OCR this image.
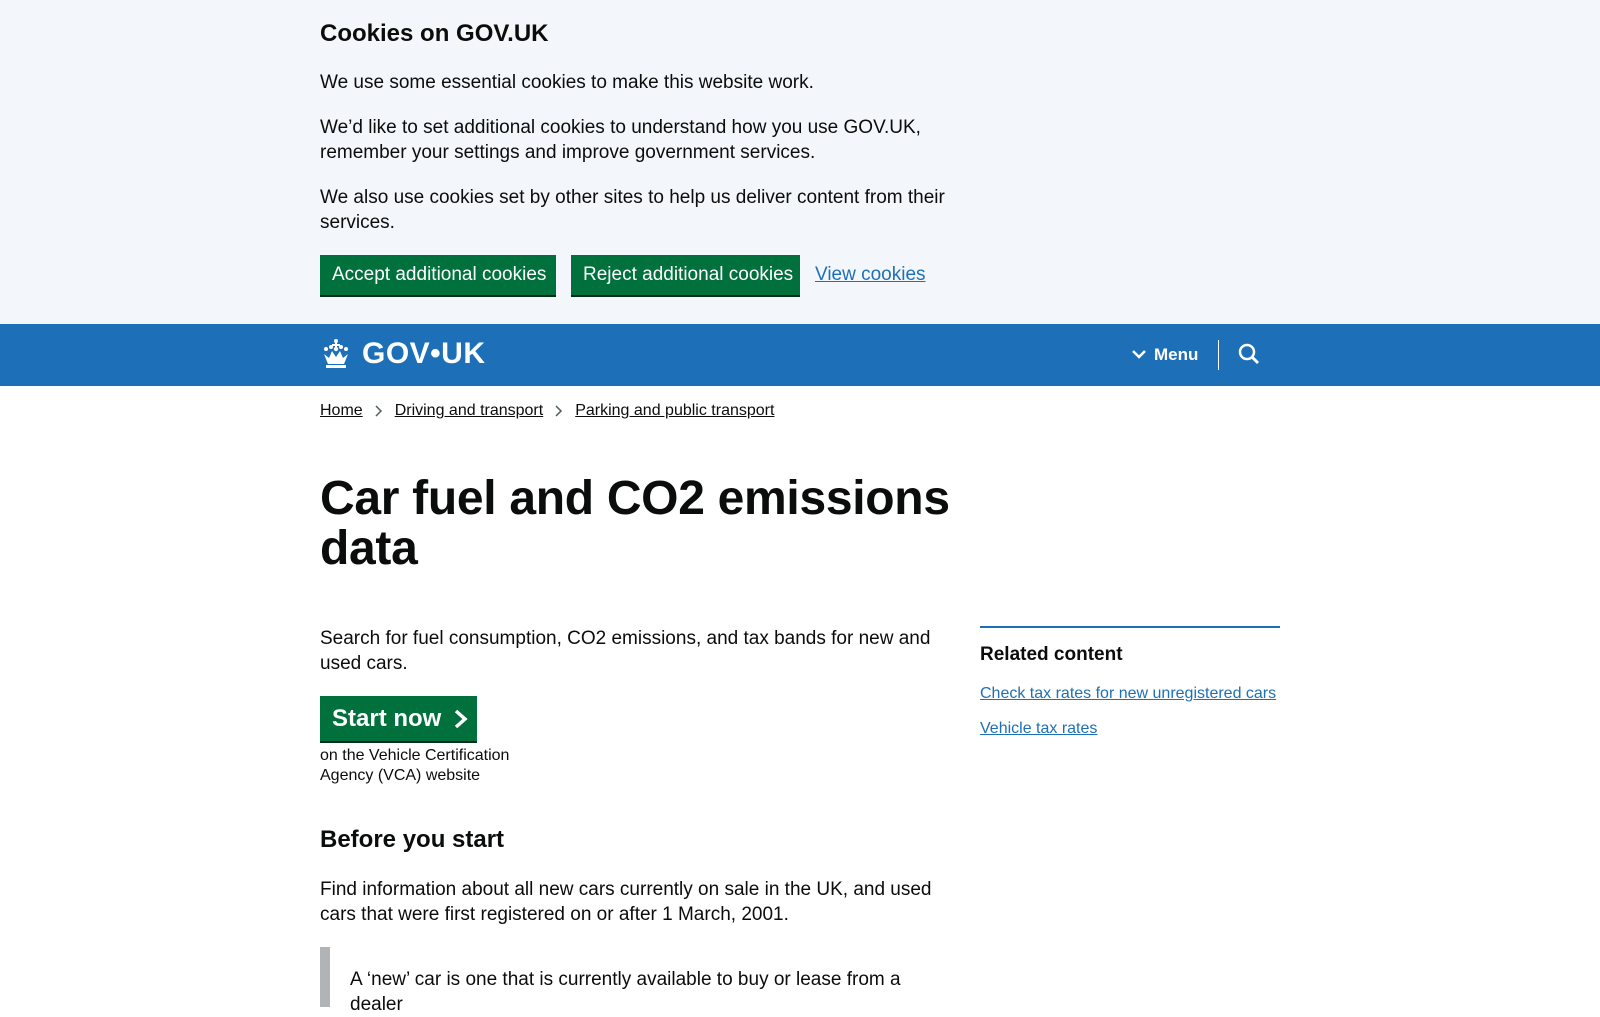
Cookies on GOV.UK

We use some essential cookies to make this website work.

We’d like to set additional cookies to understand how you use GOV.UK, remember your settings and improve government services.

We also use cookies set by other sites to help us deliver content from their services.

Accept additional cookies	Reject additional cookies	View cookies
GOV•UK	Menu
Home Driving and transport Parking and public transport
Car fuel and CO2 emissions data

Search for fuel consumption, CO2 emissions, and tax bands for new and used cars.

Start now

on the Vehicle Certification Agency (VCA) website

Before you start

Find information about all new cars currently on sale in the UK, and used cars that were first registered on or after 1 March, 2001.

A ‘new’ car is one that is currently available to buy or lease from a dealer

Related content
Check tax rates for new unregistered cars
Vehicle tax rates
